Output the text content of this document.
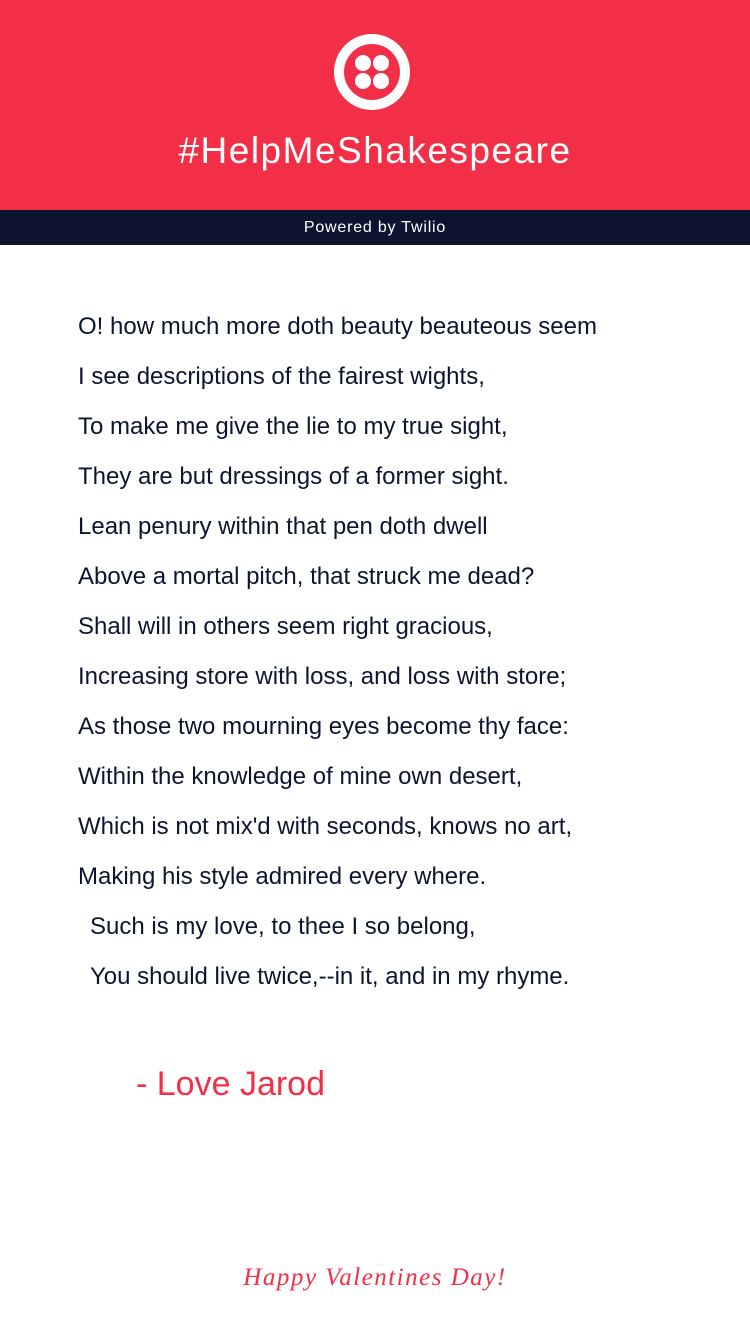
#HelpMeShakespeare
Powered by Twilio
O! how much more doth beauty beauteous seem
I see descriptions of the fairest wights,
To make me give the lie to my true sight,
They are but dressings of a former sight.
Lean penury within that pen doth dwell
Above a mortal pitch, that struck me dead?
Shall will in others seem right gracious,
Increasing store with loss, and loss with store;
As those two mourning eyes become thy face:
Within the knowledge of mine own desert,
Which is not mix'd with seconds, knows no art,
Making his style admired every where.
Such is my love, to thee I so belong,
You should live twice,--in it, and in my rhyme.
- Love Jarod
Happy Valentines Day!
